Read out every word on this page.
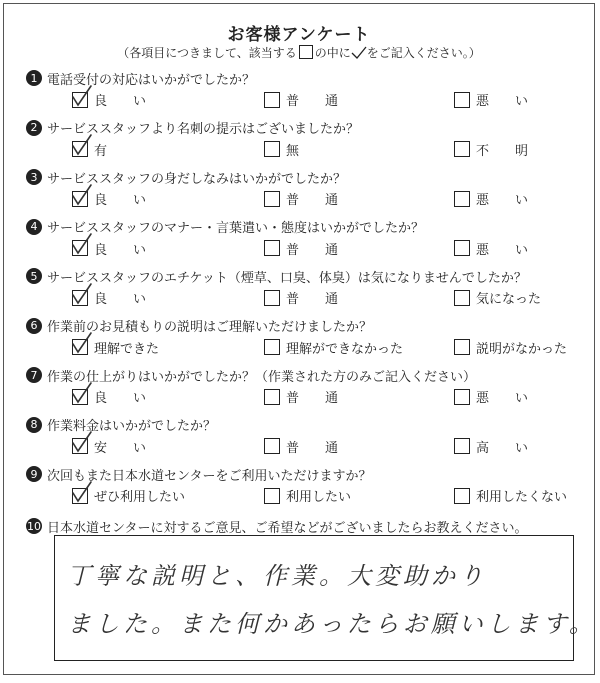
お客様アンケート
（各項目につきまして、該当する の中に をご記入ください。）
1 電話受付の対応はいかがでしたか？
良　　い	普　　通	悪　　い
2 サービススタッフより名刺の提示はございましたか？
有	無	不　　明
3 サービススタッフの身だしなみはいかがでしたか？
良　　い	普　　通	悪　　い
4 サービススタッフのマナー・言葉遣い・態度はいかがでしたか？
良　　い	普　　通	悪　　い
5 サービススタッフのエチケット（煙草、口臭、体臭）は気になりませんでしたか？
良　　い	普　　通	気になった
6 作業前のお見積もりの説明はご理解いただけましたか？
理解できた	理解ができなかった	説明がなかった
7 作業の仕上がりはいかがでしたか？（作業された方のみご記入ください）
良　　い	普　　通	悪　　い
8 作業料金はいかがでしたか？
安　　い	普　　通	高　　い
9 次回もまた日本水道センターをご利用いただけますか？
ぜひ利用したい	利用したい	利用したくない
10 日本水道センターに対するご意見、ご希望などがございましたらお教えください。
丁寧な説明と、作業。大変助かり
ました。また何かあったらお願いします。
